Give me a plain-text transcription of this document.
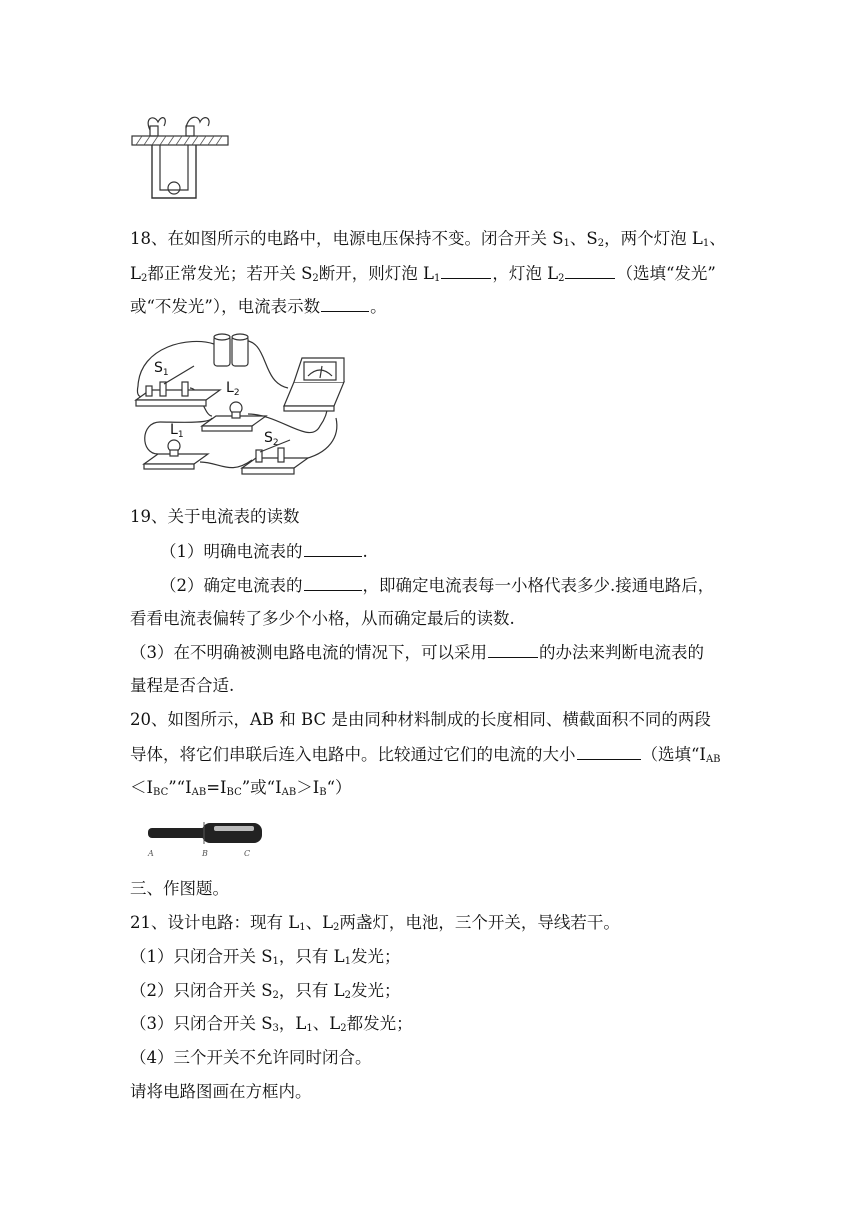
18、在如图所示的电路中，电源电压保持不变。闭合开关 $S_1$、$S_2$，两个灯泡 $L_1$、
$L_2$都正常发光；若开关 $S_2$断开，则灯泡 $L_1$	，灯泡 $L_2$	（选填“发光”
或“不发光”），电流表示数	。
$S_1$
$L_2$
$L_1$	$S_2$
19、关于电流表的读数
（1）明确电流表的	.
（2）确定电流表的	，即确定电流表每一小格代表多少.接通电路后，
看看电流表偏转了多少个小格，从而确定最后的读数.
（3）在不明确被测电路电流的情况下，可以采用	的办法来判断电流表的
量程是否合适.
20、如图所示，AB 和 BC 是由同种材料制成的长度相同、横截面积不同的两段
导体，将它们串联后连入电路中。比较通过它们的电流的大小	（选填“$I_{AB}$
$<I_{BC}”“I_{AB}=I_{BC}$”或“$I_{AB}>I_B“$）
A	B	C
三、作图题。
21、设计电路：现有 $L_1$、$L_2$两盏灯，电池，三个开关，导线若干。
（1）只闭合开关 $S_1$，只有 $L_1$发光；
（2）只闭合开关 $S_2$，只有 $L_2$发光；
（3）只闭合开关 $S_3$，$L_1$、$L_2$都发光；
（4）三个开关不允许同时闭合。
请将电路图画在方框内。
